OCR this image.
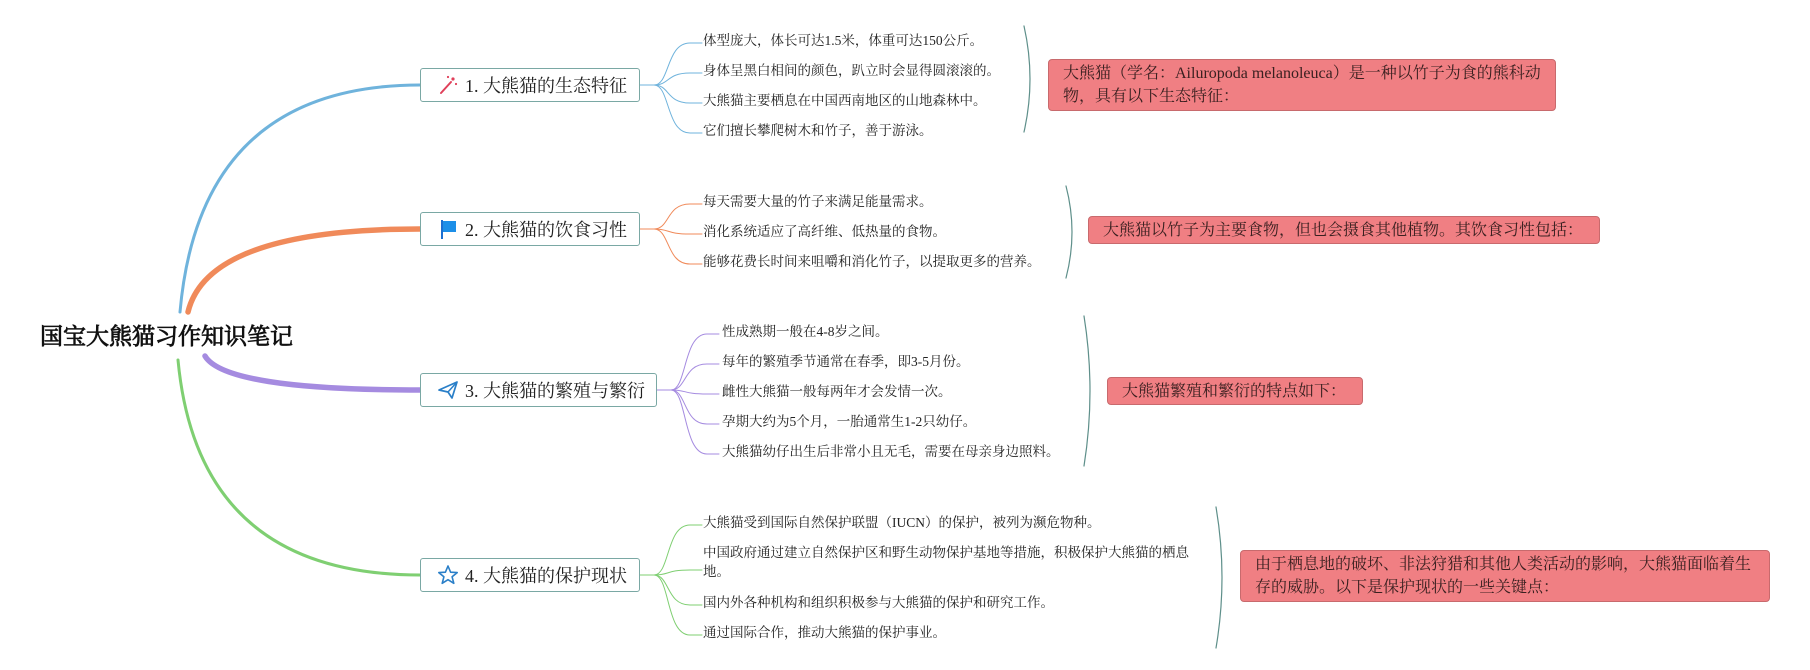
国宝大熊猫习作知识笔记
1. 大熊猫的生态特征
体型庞大，体长可达1.5米，体重可达150公斤。
身体呈黑白相间的颜色，趴立时会显得圆滚滚的。
大熊猫主要栖息在中国西南地区的山地森林中。
它们擅长攀爬树木和竹子，善于游泳。
大熊猫（学名：Ailuropoda melanoleuca）是一种以竹子为食的熊科动物，具有以下生态特征：
2. 大熊猫的饮食习性
每天需要大量的竹子来满足能量需求。
消化系统适应了高纤维、低热量的食物。
能够花费长时间来咀嚼和消化竹子，以提取更多的营养。
大熊猫以竹子为主要食物，但也会摄食其他植物。其饮食习性包括：
3. 大熊猫的繁殖与繁衍
性成熟期一般在4-8岁之间。
每年的繁殖季节通常在春季，即3-5月份。
雌性大熊猫一般每两年才会发情一次。
孕期大约为5个月，一胎通常生1-2只幼仔。
大熊猫幼仔出生后非常小且无毛，需要在母亲身边照料。
大熊猫繁殖和繁衍的特点如下：
4. 大熊猫的保护现状
大熊猫受到国际自然保护联盟（IUCN）的保护，被列为濒危物种。
中国政府通过建立自然保护区和野生动物保护基地等措施，积极保护大熊猫的栖息地。
国内外各种机构和组织积极参与大熊猫的保护和研究工作。
通过国际合作，推动大熊猫的保护事业。
由于栖息地的破坏、非法狩猎和其他人类活动的影响，大熊猫面临着生存的威胁。以下是保护现状的一些关键点：
